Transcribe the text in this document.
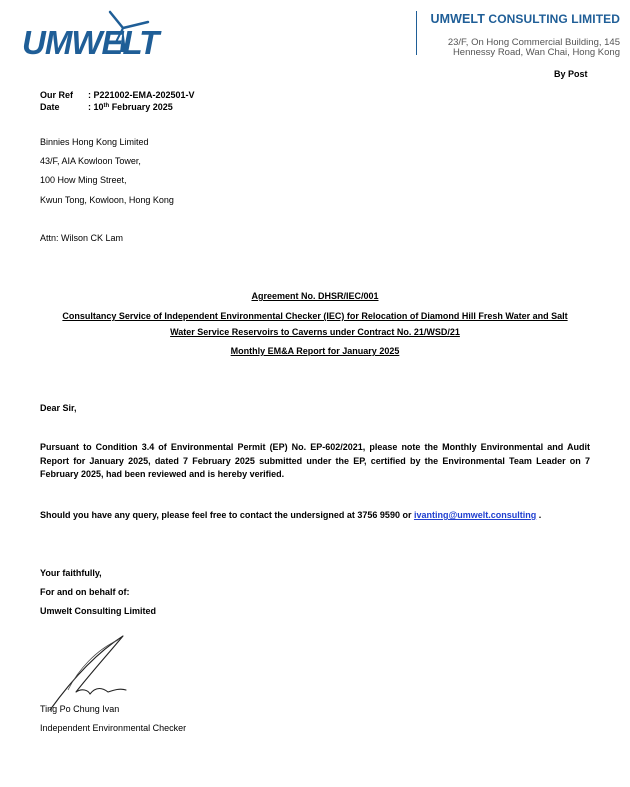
UMWELT
UMWELT CONSULTING LIMITED
23/F, On Hong Commercial Building, 145
Hennessy Road, Wan Chai, Hong Kong
By Post
Our Ref : P221002-EMA-202501-V
Date	: 10th February 2025
Binnies Hong Kong Limited
43/F, AIA Kowloon Tower,
100 How Ming Street,
Kwun Tong, Kowloon, Hong Kong
Attn: Wilson CK Lam
Agreement No. DHSR/IEC/001
Consultancy Service of Independent Environmental Checker (IEC) for Relocation of Diamond Hill Fresh Water and Salt
Water Service Reservoirs to Caverns under Contract No. 21/WSD/21
Monthly EM&A Report for January 2025
Dear Sir,
Pursuant to Condition 3.4 of Environmental Permit (EP) No. EP-602/2021, please note the Monthly Environmental and Audit Report for January 2025, dated 7 February 2025 submitted under the EP, certified by the Environmental Team Leader on 7 February 2025, had been reviewed and is hereby verified.
Should you have any query, please feel free to contact the undersigned at 3756 9590 or ivanting@umwelt.consulting .
Your faithfully,
For and on behalf of:
Umwelt Consulting Limited
Ting Po Chung Ivan
Independent Environmental Checker
